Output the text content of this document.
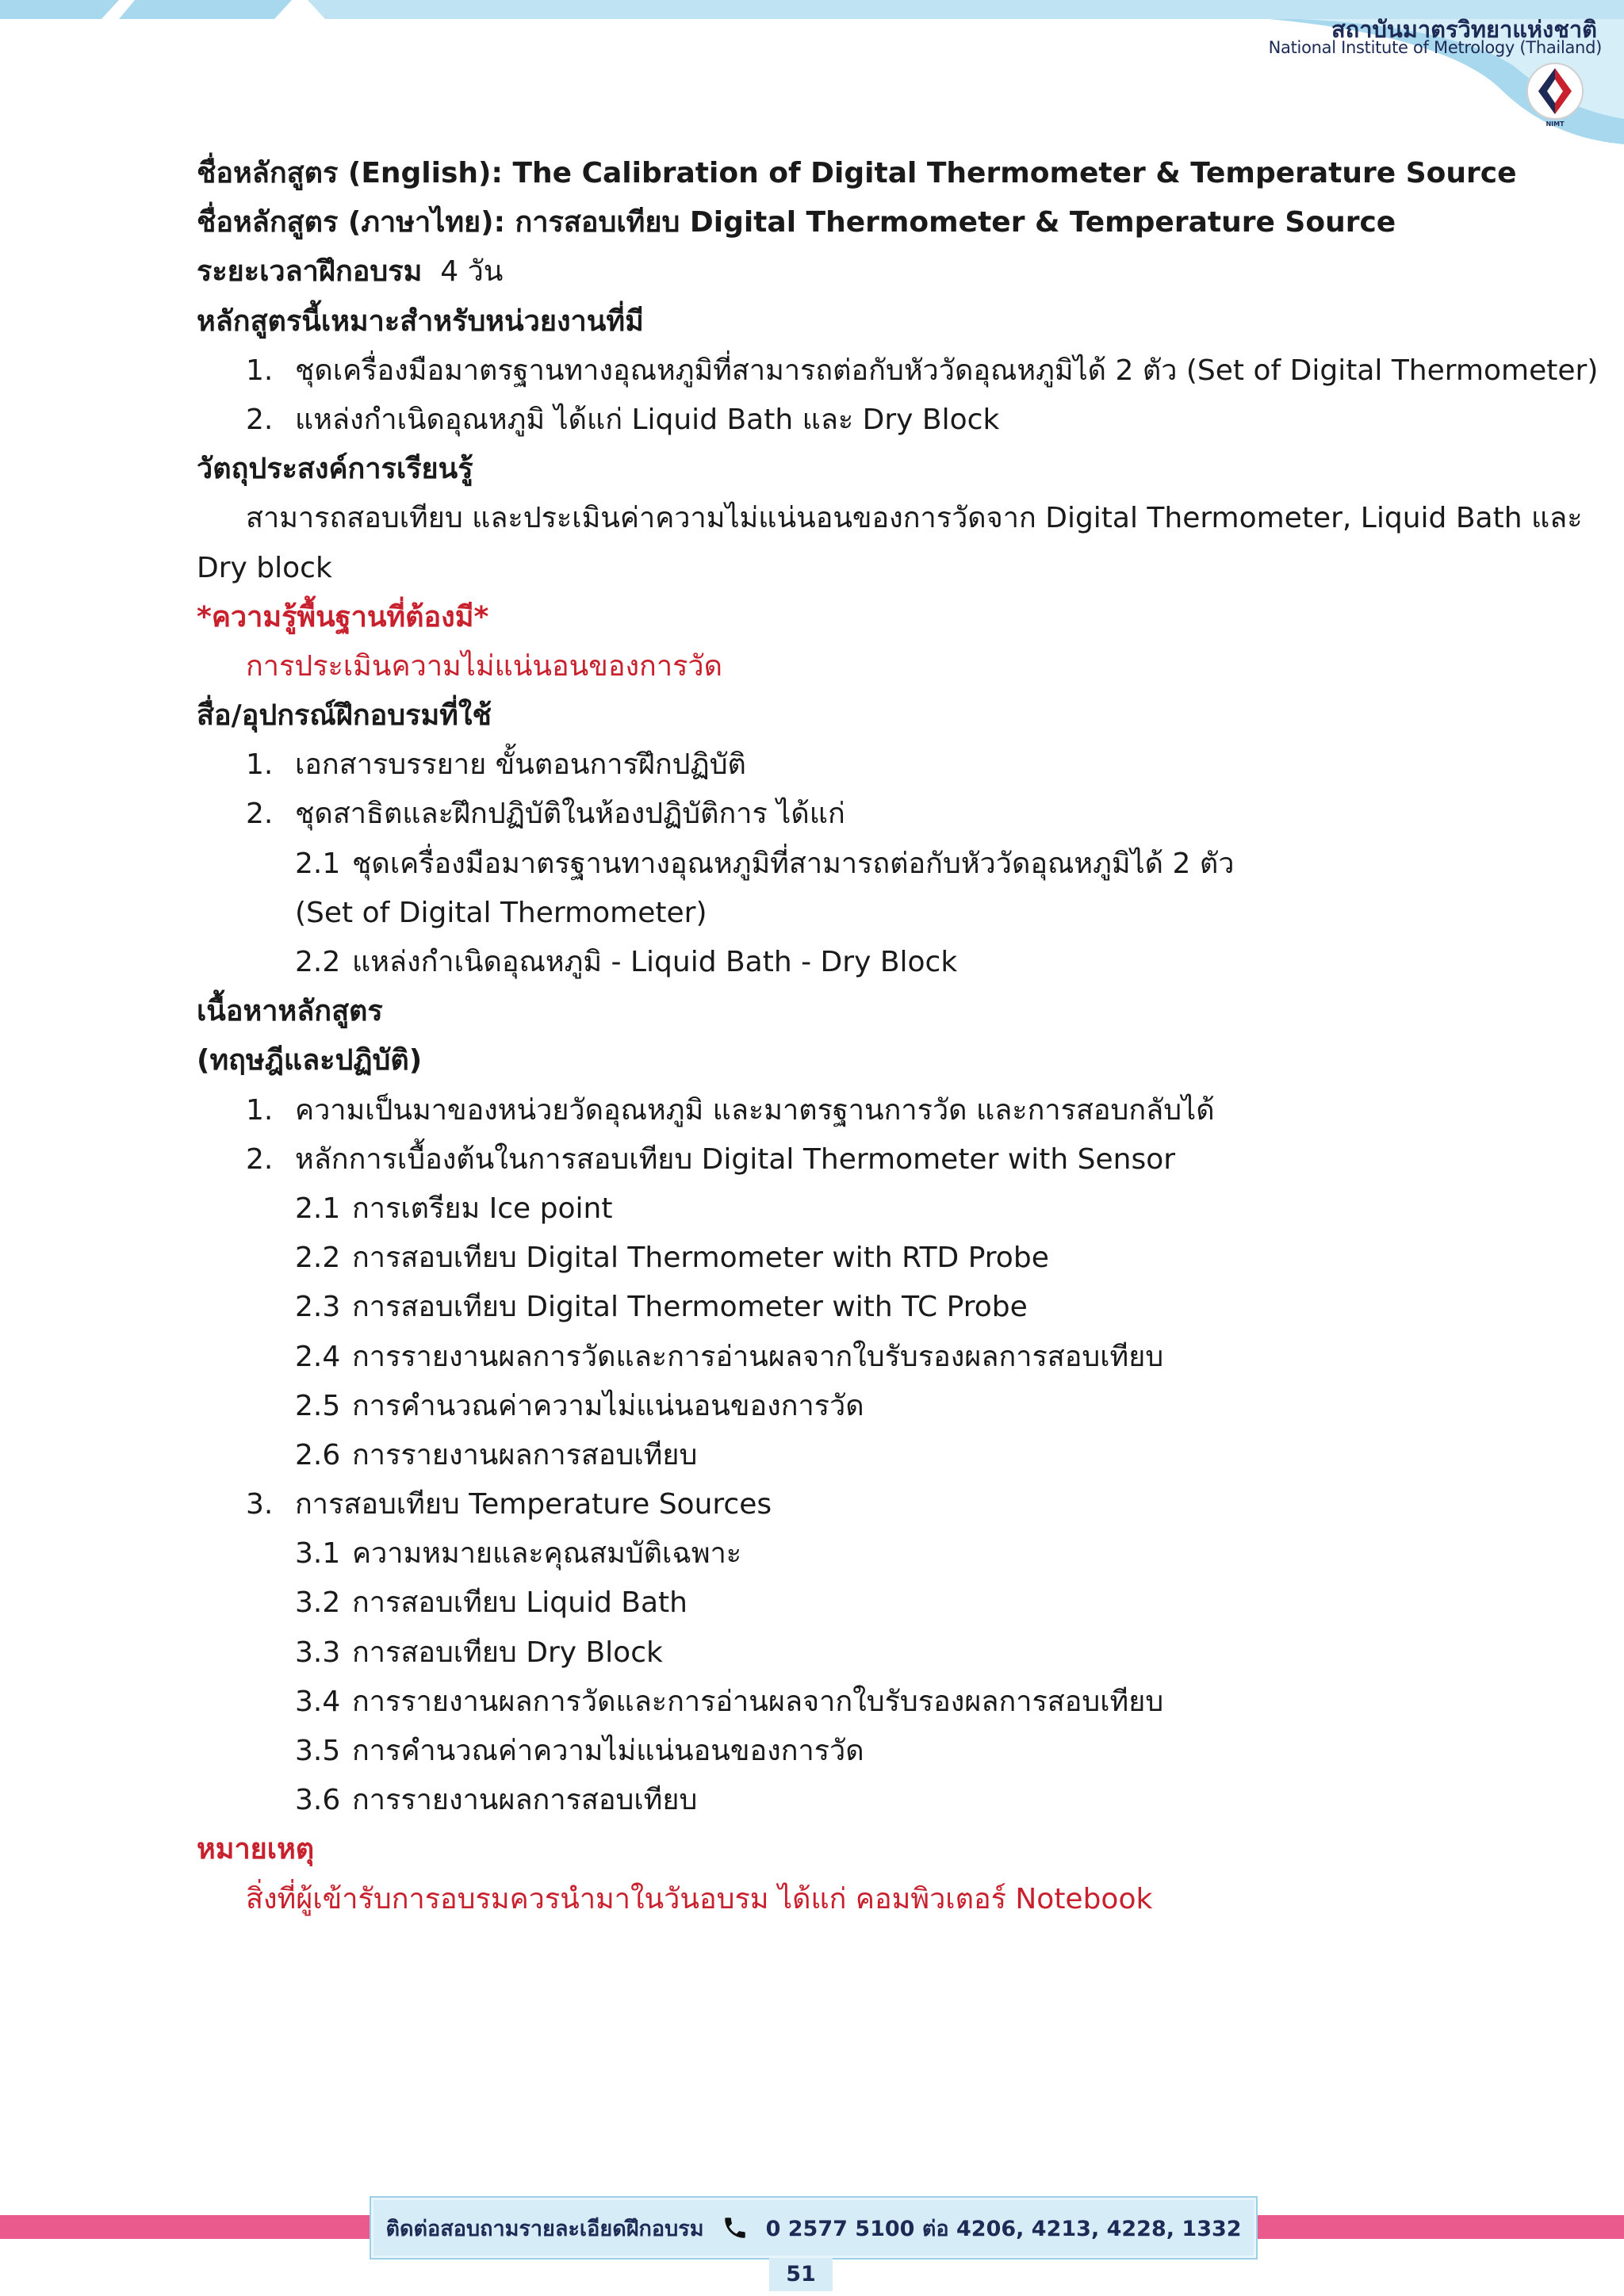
สถาบันมาตรวิทยาแห่งชาติ
National Institute of Metrology (Thailand)
NIMT
ชื่อหลักสูตร (English): The Calibration of Digital Thermometer & Temperature Source
ชื่อหลักสูตร (ภาษาไทย): การสอบเทียบ Digital Thermometer & Temperature Source
ระยะเวลาฝึกอบรม 4 วัน
หลักสูตรนี้เหมาะสำหรับหน่วยงานที่มี
1. ชุดเครื่องมือมาตรฐานทางอุณหภูมิที่สามารถต่อกับหัววัดอุณหภูมิได้ 2 ตัว (Set of Digital Thermometer)
2. แหล่งกำเนิดอุณหภูมิ ได้แก่ Liquid Bath และ Dry Block
วัตถุประสงค์การเรียนรู้
สามารถสอบเทียบ และประเมินค่าความไม่แน่นอนของการวัดจาก Digital Thermometer, Liquid Bath และ
Dry block
*ความรู้พื้นฐานที่ต้องมี*
การประเมินความไม่แน่นอนของการวัด
สื่อ/อุปกรณ์ฝึกอบรมที่ใช้
1. เอกสารบรรยาย ขั้นตอนการฝึกปฏิบัติ
2. ชุดสาธิตและฝึกปฏิบัติในห้องปฏิบัติการ ได้แก่
2.1 ชุดเครื่องมือมาตรฐานทางอุณหภูมิที่สามารถต่อกับหัววัดอุณหภูมิได้ 2 ตัว
(Set of Digital Thermometer)
2.2 แหล่งกำเนิดอุณหภูมิ - Liquid Bath - Dry Block
เนื้อหาหลักสูตร
(ทฤษฎีและปฏิบัติ)
1. ความเป็นมาของหน่วยวัดอุณหภูมิ และมาตรฐานการวัด และการสอบกลับได้
2. หลักการเบื้องต้นในการสอบเทียบ Digital Thermometer with Sensor
2.1 การเตรียม Ice point
2.2 การสอบเทียบ Digital Thermometer with RTD Probe
2.3 การสอบเทียบ Digital Thermometer with TC Probe
2.4 การรายงานผลการวัดและการอ่านผลจากใบรับรองผลการสอบเทียบ
2.5 การคำนวณค่าความไม่แน่นอนของการวัด
2.6 การรายงานผลการสอบเทียบ
3. การสอบเทียบ Temperature Sources
3.1 ความหมายและคุณสมบัติเฉพาะ
3.2 การสอบเทียบ Liquid Bath
3.3 การสอบเทียบ Dry Block
3.4 การรายงานผลการวัดและการอ่านผลจากใบรับรองผลการสอบเทียบ
3.5 การคำนวณค่าความไม่แน่นอนของการวัด
3.6 การรายงานผลการสอบเทียบ
หมายเหตุ
สิ่งที่ผู้เข้ารับการอบรมควรนำมาในวันอบรม ได้แก่ คอมพิวเตอร์ Notebook
ติดต่อสอบถามรายละเอียดฝึกอบรม	0 2577 5100 ต่อ 4206, 4213, 4228, 1332
51
